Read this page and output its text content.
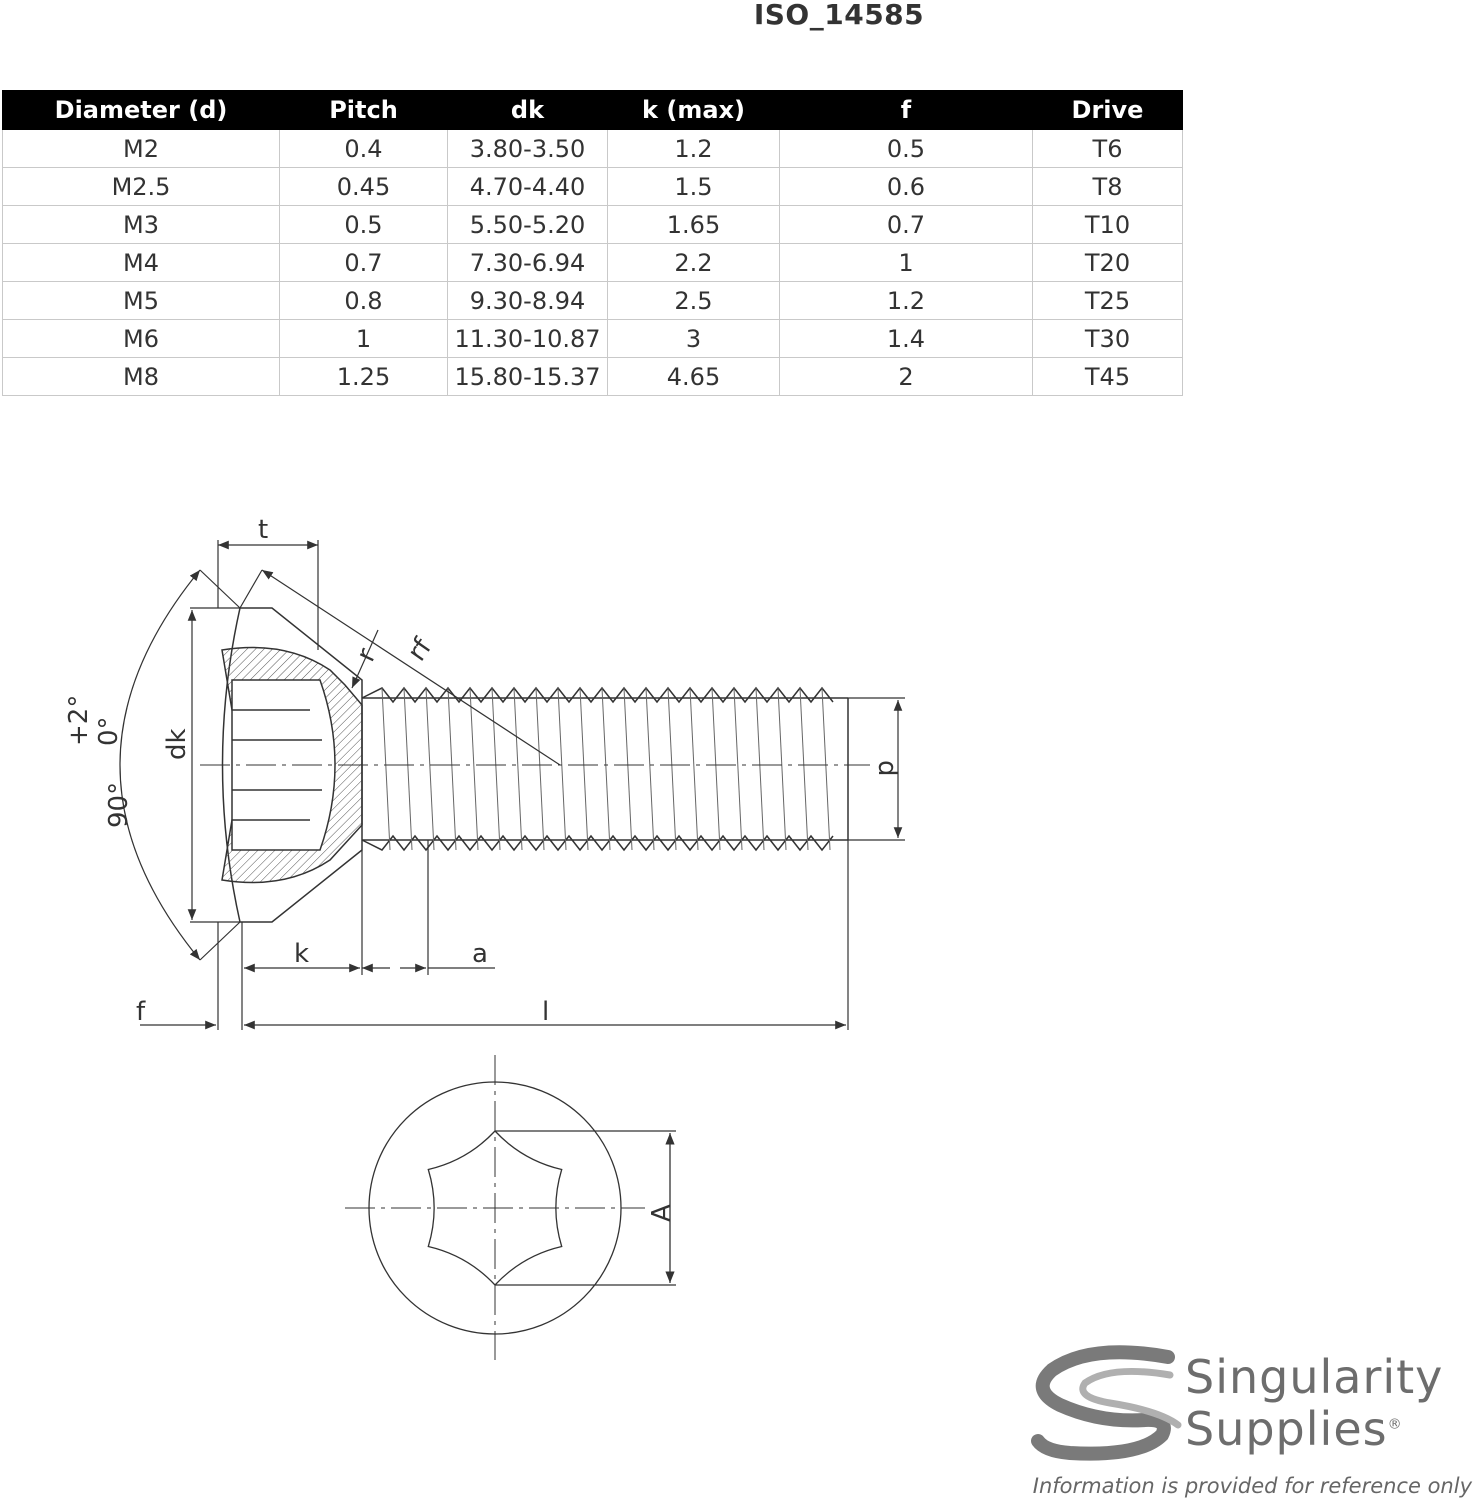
ISO_14585
Diameter (d)	Pitch	dk	k (max)	f	Drive
M2	0.4	3.80-3.50	1.2	0.5	T6
M2.5	0.45	4.70-4.40	1.5	0.6	T8
M3	0.5	5.50-5.20	1.65	0.7	T10
M4	0.7	7.30-6.94	2.2	1	T20
M5	0.8	9.30-8.94	2.5	1.2	T25
M6	1	11.30-10.87	3	1.4	T30
M8	1.25	15.80-15.37	4.65	2	T45
t
r rf
dk
d
k	a
f	l
A
90°
+2° 0°
Singularity
Supplies®
Information is provided for reference only
